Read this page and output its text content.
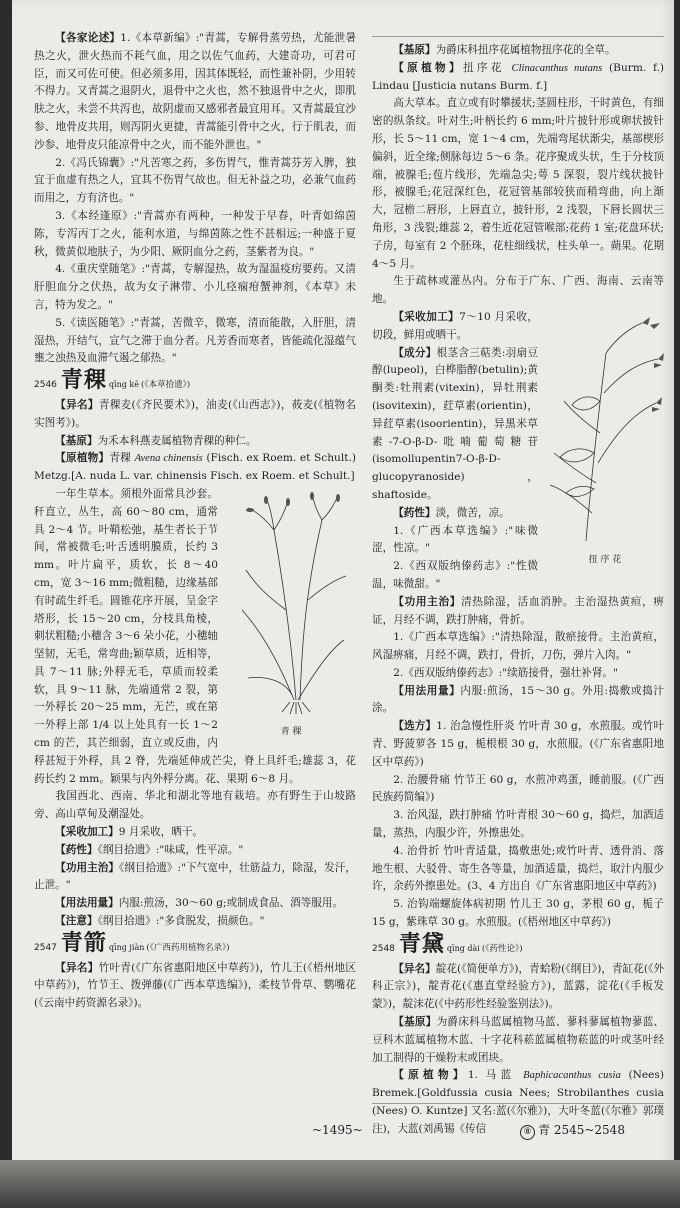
【各家论述】1.《本草新编》:"青蒿，专解骨蒸劳热，尤能泄暑热之火，泄火热而不耗气血，用之以佐气血药，大建奇功，可君可臣，而又可佐可使。但必须多用，因其体既轻，而性兼补阴，少用转不得力。又青蒿之退阴火，退骨中之火也，然不独退骨中之火，即肌肤之火，未尝不共泻也，故阴虚而又感邪者最宜用耳。又青蒿最宜沙参、地骨皮共用，则泻阴火更捷，青蒿能引骨中之火，行于肌表，而沙参、地骨皮只能凉骨中之火，而不能外泄也。"

2.《冯氏锦囊》:"凡苦寒之药，多伤胃气，惟青蒿芬芳入脾，独宜于血虚有热之人，宜其不伤胃气故也。但无补益之功，必兼气血药而用之，方有济也。"

3.《本经逢原》:"青蒿亦有两种，一种发于早春，叶青如绵茵陈，专泻丙丁之火，能利水道，与绵茵陈之性不甚相远;一种盛于夏秋，微黄似地肤子，为少阳、厥阴血分之药，茎紫者为良。"

4.《重庆堂随笔》:"青蒿，专解湿热，故为湿温疫疠要药。又清肝胆血分之伏热，故为女子淋带、小儿痉痫疳蟹神剂，《本草》未言，特为发之。"

5.《读医随笔》:"青蒿，苦微辛，微寒，清而能散，入肝胆，清湿热，开结气，宣气之滞于血分者。凡芳香而寒者，皆能疏化湿蕴气壅之浊热及血滞气遏之郁热。"

2546 青稞 qīng kē (《本草拾遗》)

【异名】青稞麦(《齐民要术》)，油麦(《山西志》)，莜麦(《植物名实图考》)。

【基原】为禾本科燕麦属植物青稞的种仁。

【原植物】青稞 Avena chinensis (Fisch. ex Roem. et Schult.) Metzg.[A. nuda L. var. chinensis Fisch. ex Roem. et Schult.]

青 稞

一年生草本。须根外面常具沙套。秆直立，丛生，高 60～80 cm，通常具 2～4 节。叶鞘松弛，基生者长于节间，常被微毛;叶舌透明膜质，长约 3 mm。叶片扁平，质软，长 8～40 cm，宽 3～16 mm;微粗糙，边缘基部有时疏生纤毛。圆锥花序开展，呈金字塔形，长 15～20 cm，分枝具角棱，刺状粗糙;小穗含 3～6 朵小花，小穗轴坚韧，无毛，常弯曲;颖草质，近相等，具 7～11 脉;外稃无毛，草质而较柔软，具 9～11 脉，先端通常 2 裂，第一外稃长 20～25 mm，无芒，或在第一外稃上部 1/4 以上处具有一长 1～2 cm 的芒，其芒细弱，直立或反曲，内稃甚短于外稃，具 2 脊，先端延伸成芒尖，脊上具纤毛;雄蕊 3，花药长约 2 mm。颖果与内外稃分离。花、果期 6～8 月。

我国西北、西南、华北和湖北等地有栽培。亦有野生于山坡路旁、高山草甸及潮湿处。

【采收加工】9 月采收，晒干。

【药性】《纲目拾遗》:"味咸，性平凉。"

【功用主治】《纲目拾遗》:"下气宽中，壮筋益力，除湿，发汗，止泄。"

【用法用量】内服:煎汤，30～60 g;或制成食品、酒等服用。

【注意】《纲目拾遗》:"多食脱发，损颜色。"

2547 青箭 qīng jiàn (《广西药用植物名录》)

【异名】竹叶青(《广东省惠阳地区中草药》)，竹儿王(《梧州地区中草药》)，竹节王、拨弹藤(《广西本草选编》)，柔枝节骨草、鹦嘴花(《云南中药资源名录》)。

【基原】为爵床科扭序花属植物扭序花的全草。

【原植物】扭序花 Clinacanthus nutans (Burm. f.) Lindau [Justicia nutans Burm. f.]

高大草本。直立或有时攀援状;茎圆柱形，干时黄色，有细密的纵条纹。叶对生;叶柄长约 6 mm;叶片披针形或卵状披针形，长 5～11 cm，宽 1～4 cm，先端弯尾状渐尖，基部楔形偏斜，近全缘;侧脉每边 5～6 条。花序聚成头状，生于分枝顶端，被腺毛;苞片线形，先端急尖;萼 5 深裂，裂片线状披针形，被腺毛;花冠深红色，花冠管基部较狭而稍弯曲，向上渐大，冠檐二唇形，上唇直立，披针形，2 浅裂，下唇长圆状三角形，3 浅裂;雄蕊 2，着生近花冠管喉部;花药 1 室;花盘环状;子房，每室有 2 个胚珠，花柱细线状，柱头单一。蒴果。花期 4～5 月。

生于疏林或灌丛内。分布于广东、广西、海南、云南等地。

扭 序 花

【采收加工】7～10 月采收，切段，鲜用或晒干。

【成分】根茎含三萜类:羽扇豆醇(lupeol)，白桦脂醇(betulin);黄酮类:牡荆素(vitexin)，异牡荆素(isovitexin)，荭草素(orientin)，异荭草素(isoorientin)，异黑米草素-7-O-β-D-吡喃葡萄糖苷(isomollupentin7-O-β-D-glucopyranoside)，shaftoside。

【药性】淡，微苦，凉。

1.《广西本草选编》:"味微涩，性凉。"

2.《西双版纳傣药志》:"性微温，味微甜。"

【功用主治】清热除湿，活血消肿。主治湿热黄疸，痹证，月经不调，跌打肿痛，骨折。

1.《广西本草选编》:"清热除湿，散瘀接骨。主治黄疸，风湿痹痛，月经不调，跌打，骨折，刀伤，弹片入肉。"

2.《西双版纳傣药志》:"续筋接骨，强壮补肾。"

【用法用量】内服:煎汤，15～30 g。外用:捣敷或捣汁涂。

【选方】1. 治急慢性肝炎 竹叶青 30 g，水煎服。或竹叶青、野菠萝各 15 g，栀根根 30 g，水煎服。(《广东省惠阳地区中草药》)

2. 治腰骨痛 竹节王 60 g，水煎冲鸡蛋，睡前服。(《广西民族药简编》)

3. 治风湿，跌打肿痛 竹叶青根 30～60 g，捣烂，加酒适量，蒸热，内服少许，外擦患处。

4. 治骨折 竹叶青适量，捣敷患处;或竹叶青、透骨消、落地生根、大驳骨、寄生各等量，加酒适量，捣烂，取汁内服少许，余药外擦患处。(3、4 方出自《广东省惠阳地区中草药》)

5. 治钩端螺旋体病初期 竹儿王 30 g，茅根 60 g，栀子 15 g，紫珠草 30 g。水煎服。(《梧州地区中草药》)

2548 青黛 qīng dài (《药性论》)

【异名】靛花(《简便单方》)，青蛤粉(《纲目》)，青缸花(《外科正宗》)，靛青花(《惠直堂经验方》)，蓝露，淀花(《手板发蒙》)，靛沫花(《中药形性经验鉴别法》)。

【基原】为爵床科马蓝属植物马蓝、蓼科蓼属植物蓼蓝、豆科木蓝属植物木蓝、十字花科菘蓝属植物菘蓝的叶或茎叶经加工制得的干燥粉末或团块。

【原植物】1. 马蓝 Baphicacanthus cusia (Nees) Bremek.[Goldfussia cusia Nees; Strobilanthes cusia (Nees) O. Kuntze] 又名:蓝(《尔雅》)，大叶冬蓝(《尔雅》郭璞注)，大蓝(刘禹锡《传信

~1495~	⑧ 青 2545~2548
